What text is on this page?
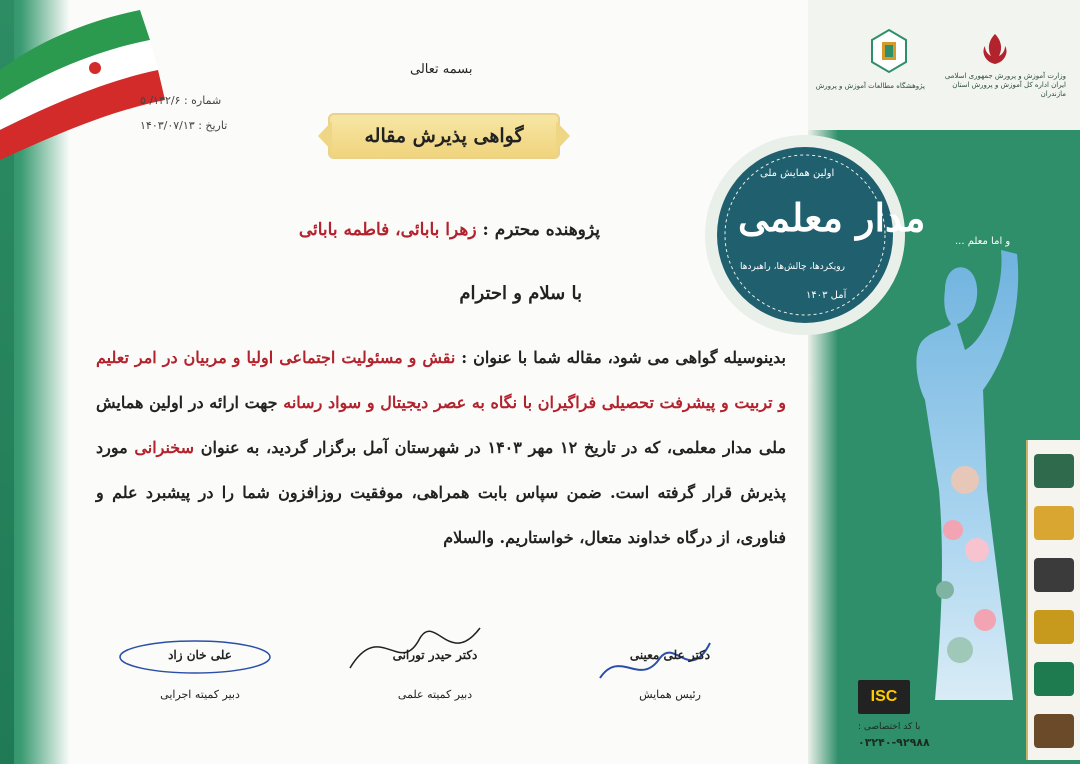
وزارت آموزش و پرورش جمهوری اسلامی ایران اداره کل آموزش و پرورش استان مازندران
پژوهشگاه مطالعات آموزش و پرورش
و اما معلم ...
مدار معلمی
اولین همایش ملی
رویکردها، چالش‌ها، راهبردها
آمل ۱۴۰۳
ISC
با کد اختصاصی :
۰۳۲۴۰-۹۲۹۸۸
بسمه تعالی
شماره : ۱۳۲/۶/ ۵
تاریخ : ۱۴۰۳/۰۷/۱۳	گواهی پذیرش مقاله
پژوهنده محترم : زهرا بابائی، فاطمه بابائی
با سلام و احترام
بدینوسیله گواهی می شود، مقاله شما با عنوان : نقش و مسئولیت اجتماعی اولیا و مربیان در امر تعلیم و تربیت و پیشرفت تحصیلی فراگیران با نگاه به عصر دیجیتال و سواد رسانه جهت ارائه در اولین همایش ملی مدار معلمی، که در تاریخ ۱۲ مهر ۱۴۰۳ در شهرستان آمل برگزار گردید، به عنوان سخنرانی مورد پذیرش قرار گرفته است. ضمن سپاس بابت همراهی، موفقیت روزافزون شما را در پیشبرد علم و فناوری، از درگاه خداوند متعال، خواستاریم. والسلام
علی خان زاد
دبیر کمیته اجرایی
دکتر حیدر تورانی
دبیر کمیته علمی
دکتر علی معینی
رئیس همایش
